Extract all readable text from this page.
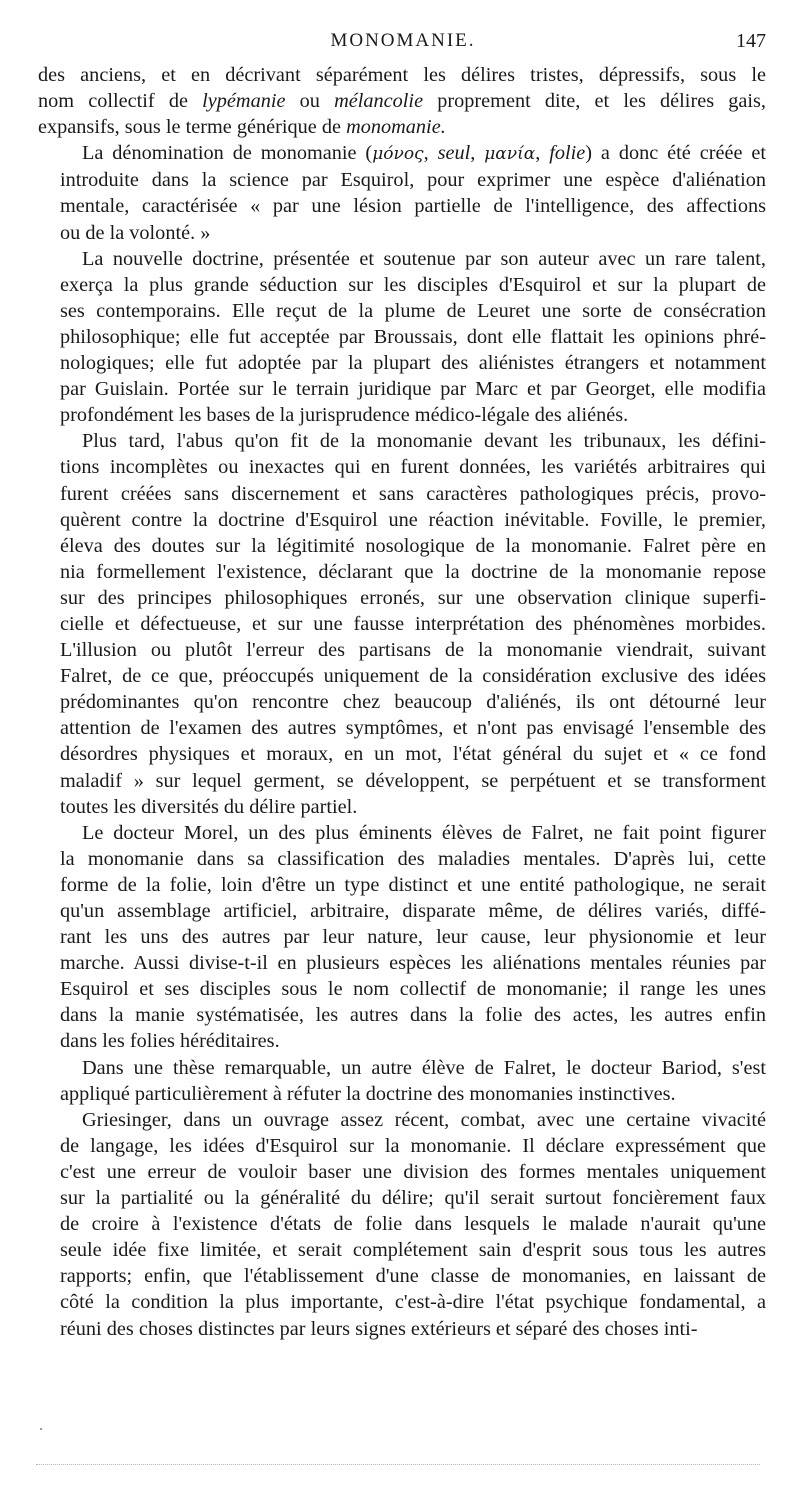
MONOMANIE.	147
des anciens, et en décrivant séparément les délires tristes, dépressifs, sous le
nom collectif de lypémanie ou mélancolie proprement dite, et les délires gais,
expansifs, sous le terme générique de monomanie.
La dénomination de monomanie (μόνος, seul, μανία, folie) a donc été créée et
introduite dans la science par Esquirol, pour exprimer une espèce d'aliénation
mentale, caractérisée « par une lésion partielle de l'intelligence, des affections
ou de la volonté. »
La nouvelle doctrine, présentée et soutenue par son auteur avec un rare talent,
exerça la plus grande séduction sur les disciples d'Esquirol et sur la plupart de
ses contemporains. Elle reçut de la plume de Leuret une sorte de consécration
philosophique; elle fut acceptée par Broussais, dont elle flattait les opinions phré-
nologiques; elle fut adoptée par la plupart des aliénistes étrangers et notamment
par Guislain. Portée sur le terrain juridique par Marc et par Georget, elle modifia
profondément les bases de la jurisprudence médico-légale des aliénés.
Plus tard, l'abus qu'on fit de la monomanie devant les tribunaux, les défini-
tions incomplètes ou inexactes qui en furent données, les variétés arbitraires qui
furent créées sans discernement et sans caractères pathologiques précis, provo-
quèrent contre la doctrine d'Esquirol une réaction inévitable. Foville, le premier,
éleva des doutes sur la légitimité nosologique de la monomanie. Falret père en
nia formellement l'existence, déclarant que la doctrine de la monomanie repose
sur des principes philosophiques erronés, sur une observation clinique superfi-
cielle et défectueuse, et sur une fausse interprétation des phénomènes morbides.
L'illusion ou plutôt l'erreur des partisans de la monomanie viendrait, suivant
Falret, de ce que, préoccupés uniquement de la considération exclusive des idées
prédominantes qu'on rencontre chez beaucoup d'aliénés, ils ont détourné leur
attention de l'examen des autres symptômes, et n'ont pas envisagé l'ensemble des
désordres physiques et moraux, en un mot, l'état général du sujet et « ce fond
maladif » sur lequel germent, se développent, se perpétuent et se transforment
toutes les diversités du délire partiel.
Le docteur Morel, un des plus éminents élèves de Falret, ne fait point figurer
la monomanie dans sa classification des maladies mentales. D'après lui, cette
forme de la folie, loin d'être un type distinct et une entité pathologique, ne serait
qu'un assemblage artificiel, arbitraire, disparate même, de délires variés, diffé-
rant les uns des autres par leur nature, leur cause, leur physionomie et leur
marche. Aussi divise-t-il en plusieurs espèces les aliénations mentales réunies par
Esquirol et ses disciples sous le nom collectif de monomanie; il range les unes
dans la manie systématisée, les autres dans la folie des actes, les autres enfin
dans les folies héréditaires.
Dans une thèse remarquable, un autre élève de Falret, le docteur Bariod, s'est
appliqué particulièrement à réfuter la doctrine des monomanies instinctives.
Griesinger, dans un ouvrage assez récent, combat, avec une certaine vivacité
de langage, les idées d'Esquirol sur la monomanie. Il déclare expressément que
c'est une erreur de vouloir baser une division des formes mentales uniquement
sur la partialité ou la généralité du délire; qu'il serait surtout foncièrement faux
de croire à l'existence d'états de folie dans lesquels le malade n'aurait qu'une
seule idée fixe limitée, et serait complétement sain d'esprit sous tous les autres
rapports; enfin, que l'établissement d'une classe de monomanies, en laissant de
côté la condition la plus importante, c'est-à-dire l'état psychique fondamental, a
réuni des choses distinctes par leurs signes extérieurs et séparé des choses inti-
